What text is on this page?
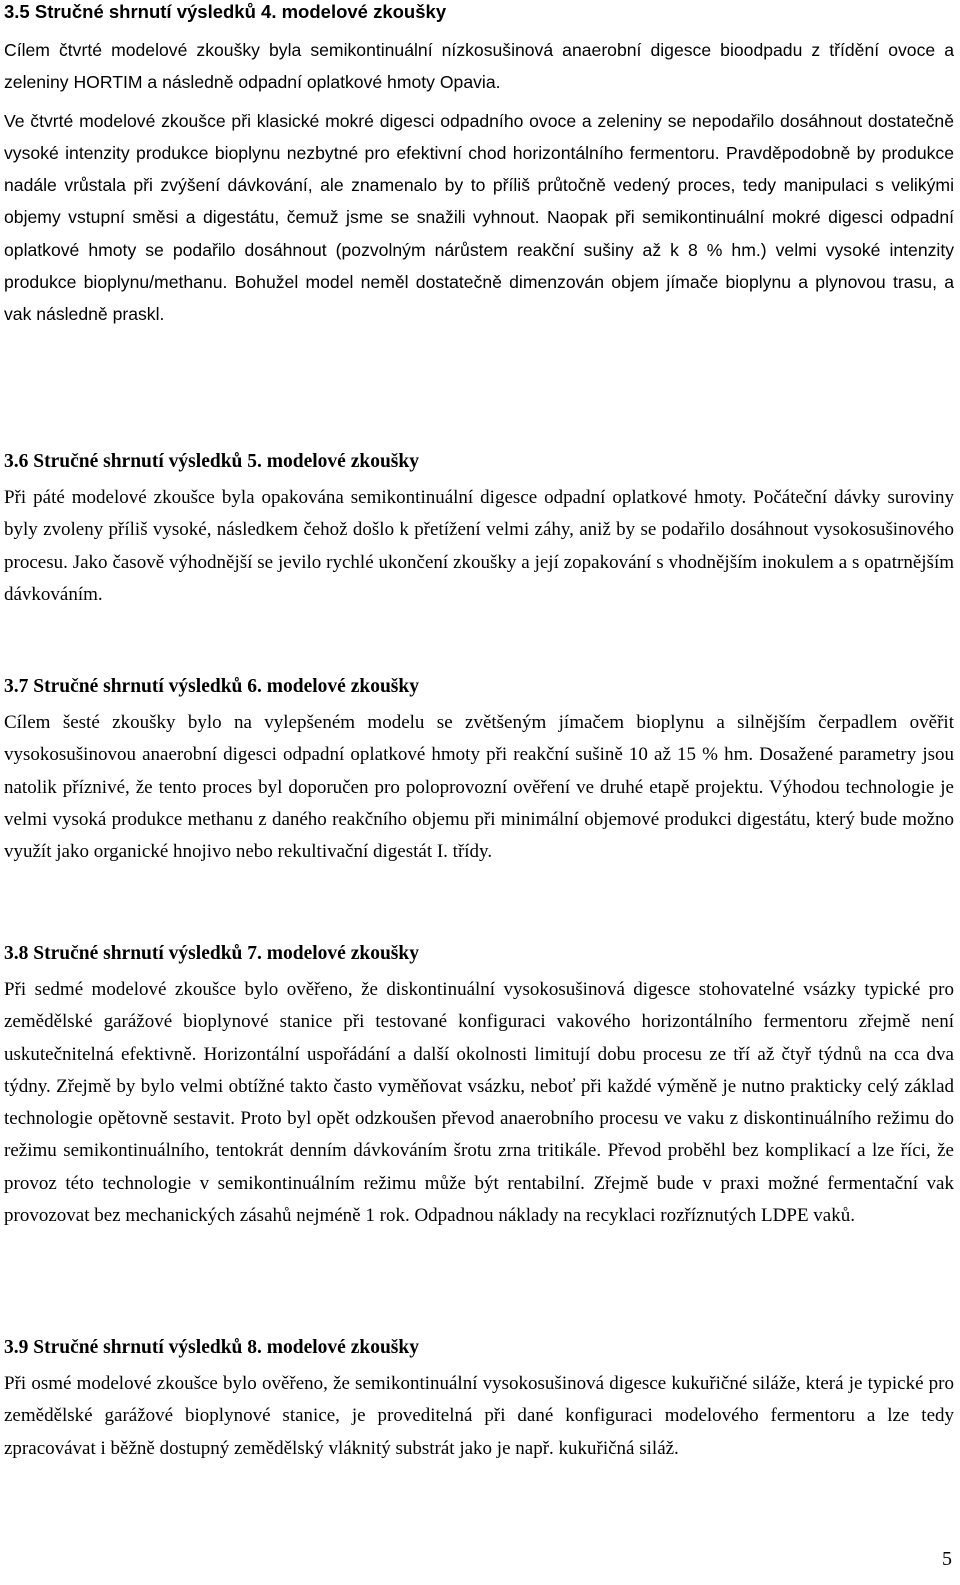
3.5 Stručné shrnutí výsledků 4. modelové zkoušky

Cílem čtvrté modelové zkoušky byla semikontinuální nízkosušinová anaerobní digesce bioodpadu z třídění ovoce a zeleniny HORTIM a následně odpadní oplatkové hmoty Opavia.

Ve čtvrté modelové zkoušce při klasické mokré digesci odpadního ovoce a zeleniny se nepodařilo dosáhnout dostatečně vysoké intenzity produkce bioplynu nezbytné pro efektivní chod horizontálního fermentoru. Pravděpodobně by produkce nadále vrůstala při zvýšení dávkování, ale znamenalo by to příliš průtočně vedený proces, tedy manipulaci s velikými objemy vstupní směsi a digestátu, čemuž jsme se snažili vyhnout. Naopak při semikontinuální mokré digesci odpadní oplatkové hmoty se podařilo dosáhnout (pozvolným nárůstem reakční sušiny až k 8 % hm.) velmi vysoké intenzity produkce bioplynu/methanu. Bohužel model neměl dostatečně dimenzován objem jímače bioplynu a plynovou trasu, a vak následně praskl.

3.6 Stručné shrnutí výsledků 5. modelové zkoušky

Při páté modelové zkoušce byla opakována semikontinuální digesce odpadní oplatkové hmoty. Počáteční dávky suroviny byly zvoleny příliš vysoké, následkem čehož došlo k přetížení velmi záhy, aniž by se podařilo dosáhnout vysokosušinového procesu. Jako časově výhodnější se jevilo rychlé ukončení zkoušky a její zopakování s vhodnějším inokulem a s opatrnějším dávkováním.

3.7 Stručné shrnutí výsledků 6. modelové zkoušky

Cílem šesté zkoušky bylo na vylepšeném modelu se zvětšeným jímačem bioplynu a silnějším čerpadlem ověřit vysokosušinovou anaerobní digesci odpadní oplatkové hmoty při reakční sušině 10 až 15 % hm. Dosažené parametry jsou natolik příznivé, že tento proces byl doporučen pro poloprovozní ověření ve druhé etapě projektu. Výhodou technologie je velmi vysoká produkce methanu z daného reakčního objemu při minimální objemové produkci digestátu, který bude možno využít jako organické hnojivo nebo rekultivační digestát I. třídy.

3.8 Stručné shrnutí výsledků 7. modelové zkoušky

Při sedmé modelové zkoušce bylo ověřeno, že diskontinuální vysokosušinová digesce stohovatelné vsázky typické pro zemědělské garážové bioplynové stanice při testované konfiguraci vakového horizontálního fermentoru zřejmě není uskutečnitelná efektivně. Horizontální uspořádání a další okolnosti limitují dobu procesu ze tří až čtyř týdnů na cca dva týdny. Zřejmě by bylo velmi obtížné takto často vyměňovat vsázku, neboť při každé výměně je nutno prakticky celý základ technologie opětovně sestavit. Proto byl opět odzkoušen převod anaerobního procesu ve vaku z diskontinuálního režimu do režimu semikontinuálního, tentokrát denním dávkováním šrotu zrna tritikále. Převod proběhl bez komplikací a lze říci, že provoz této technologie v semikontinuálním režimu může být rentabilní. Zřejmě bude v praxi možné fermentační vak provozovat bez mechanických zásahů nejméně 1 rok. Odpadnou náklady na recyklaci rozříznutých LDPE vaků.

3.9 Stručné shrnutí výsledků 8. modelové zkoušky

Při osmé modelové zkoušce bylo ověřeno, že semikontinuální vysokosušinová digesce kukuřičné siláže, která je typické pro zemědělské garážové bioplynové stanice, je proveditelná při dané konfiguraci modelového fermentoru a lze tedy zpracovávat i běžně dostupný zemědělský vláknitý substrát jako je např. kukuřičná siláž.

5
